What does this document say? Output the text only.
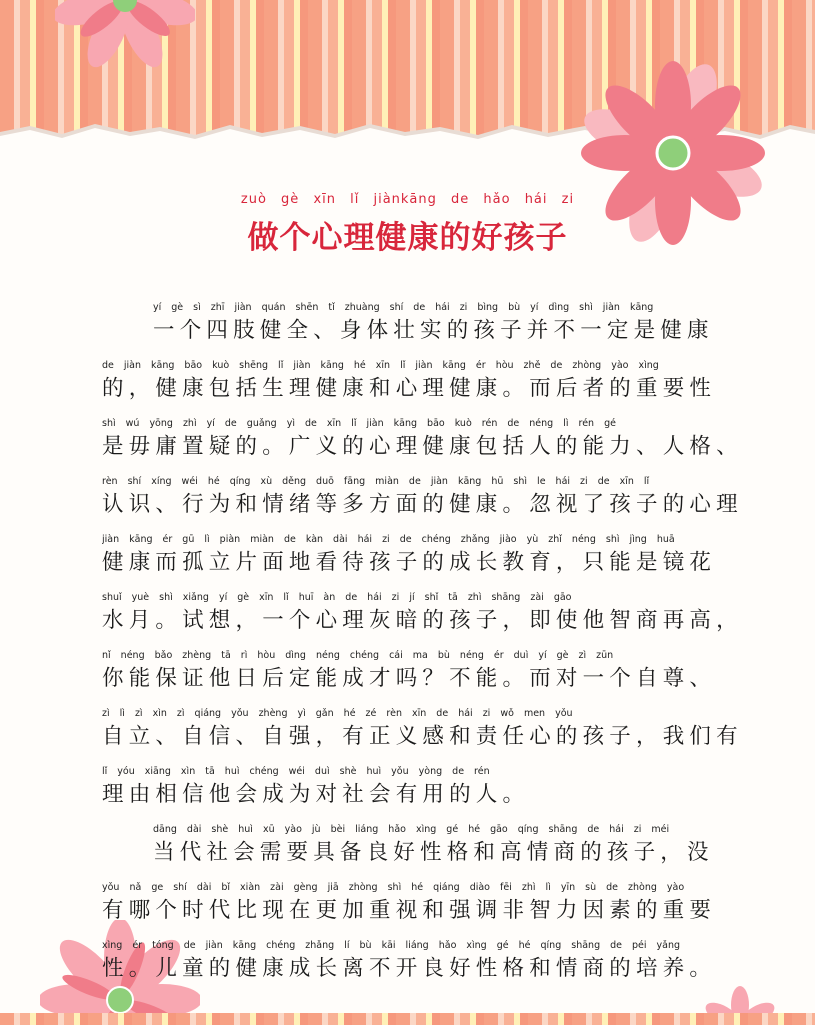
zuò gè xīn lǐ jiànkāng de hǎo hái zi
做个心理健康的好孩子
yí gè sì zhī jiàn quán shēn tǐ zhuàng shí de hái zi bìng bù yí dìng shì jiàn kāng
一个四肢健全、身体壮实的孩子并不一定是健康
de jiàn kāng bāo kuò shēng lǐ jiàn kāng hé xīn lǐ jiàn kāng ér hòu zhě de zhòng yào xìng
的，健康包括生理健康和心理健康。而后者的重要性
shì wú yōng zhì yí de guǎng yì de xīn lǐ jiàn kāng bāo kuò rén de néng lì rén gé
是毋庸置疑的。广义的心理健康包括人的能力、人格、
rèn shí xíng wéi hé qíng xù děng duō fāng miàn de jiàn kāng hū shì le hái zi de xīn lǐ
认识、行为和情绪等多方面的健康。忽视了孩子的心理
jiàn kāng ér gū lì piàn miàn de kàn dài hái zi de chéng zhǎng jiào yù zhǐ néng shì jìng huā
健康而孤立片面地看待孩子的成长教育，只能是镜花
shuǐ yuè shì xiǎng yí gè xīn lǐ huī àn de hái zi jí shǐ tā zhì shāng zài gāo
水月。试想，一个心理灰暗的孩子，即使他智商再高，
nǐ néng bǎo zhèng tā rì hòu dìng néng chéng cái ma bù néng ér duì yí gè zì zūn
你能保证他日后定能成才吗？不能。而对一个自尊、
zì lì zì xìn zì qiáng yǒu zhèng yì gǎn hé zé rèn xīn de hái zi wǒ men yǒu
自立、自信、自强，有正义感和责任心的孩子，我们有
lǐ yóu xiāng xìn tā huì chéng wéi duì shè huì yǒu yòng de rén
理由相信他会成为对社会有用的人。
dāng dài shè huì xū yào jù bèi liáng hǎo xìng gé hé gāo qíng shāng de hái zi méi
当代社会需要具备良好性格和高情商的孩子，没
yǒu nǎ ge shí dài bǐ xiàn zài gèng jiā zhòng shì hé qiáng diào fēi zhì lì yīn sù de zhòng yào
有哪个时代比现在更加重视和强调非智力因素的重要
xìng ér tóng de jiàn kāng chéng zhǎng lí bù kāi liáng hǎo xìng gé hé qíng shāng de péi yǎng
性。儿童的健康成长离不开良好性格和情商的培养。
